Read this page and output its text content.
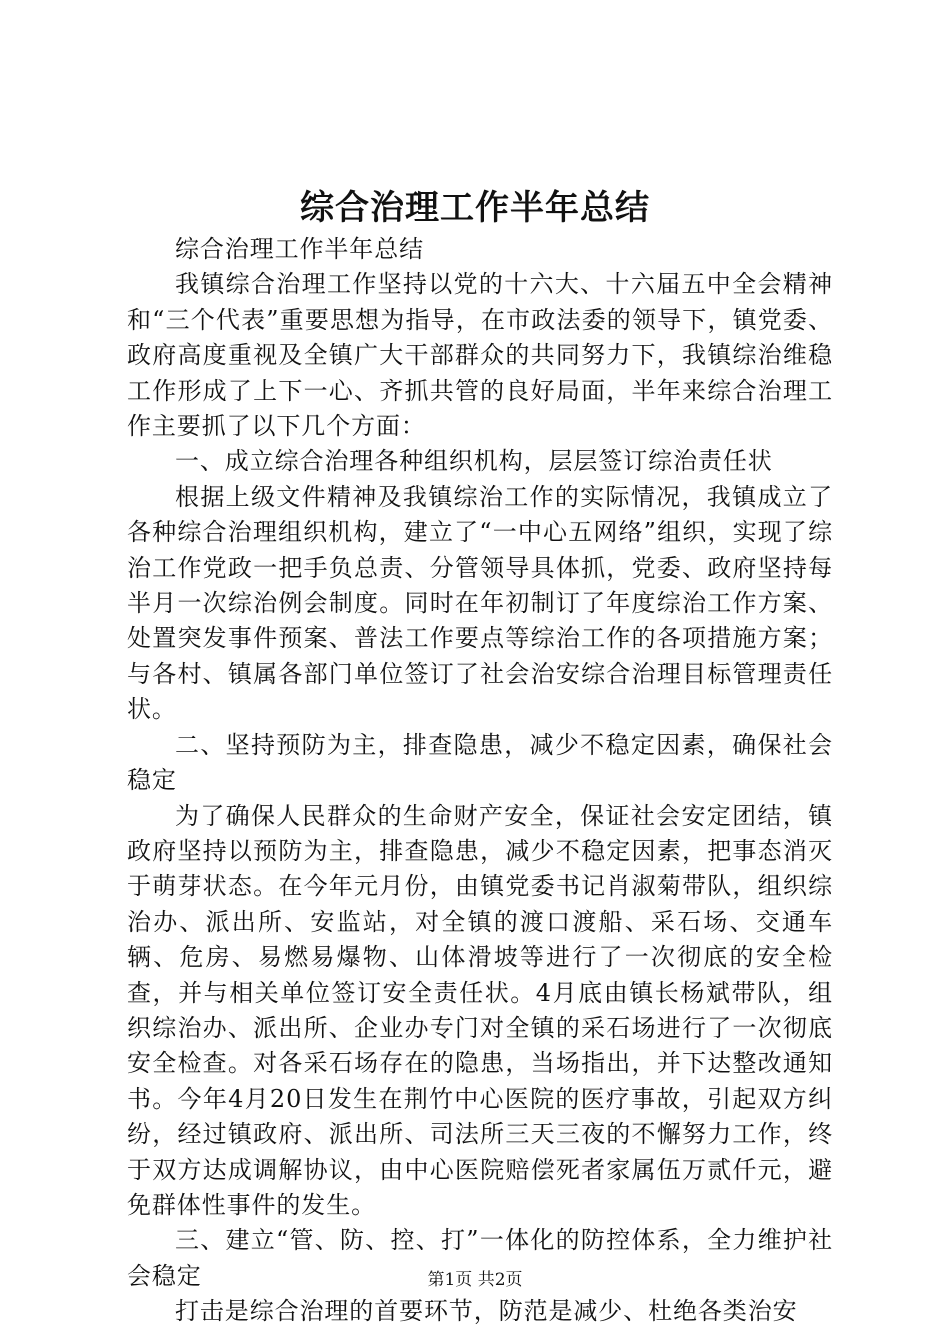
综合治理工作半年总结

综合治理工作半年总结

我镇综合治理工作坚持以党的十六大、十六届五中全会精神和“三个代表”重要思想为指导，在市政法委的领导下，镇党委、政府高度重视及全镇广大干部群众的共同努力下，我镇综治维稳工作形成了上下一心、齐抓共管的良好局面，半年来综合治理工作主要抓了以下几个方面：

一、成立综合治理各种组织机构，层层签订综治责任状

根据上级文件精神及我镇综治工作的实际情况，我镇成立了各种综合治理组织机构，建立了“一中心五网络”组织，实现了综治工作党政一把手负总责、分管领导具体抓，党委、政府坚持每半月一次综治例会制度。同时在年初制订了年度综治工作方案、处置突发事件预案、普法工作要点等综治工作的各项措施方案；与各村、镇属各部门单位签订了社会治安综合治理目标管理责任状。

二、坚持预防为主，排查隐患，减少不稳定因素，确保社会稳定

为了确保人民群众的生命财产安全，保证社会安定团结，镇政府坚持以预防为主，排查隐患，减少不稳定因素，把事态消灭于萌芽状态。在今年元月份，由镇党委书记肖淑菊带队，组织综治办、派出所、安监站，对全镇的渡口渡船、采石场、交通车辆、危房、易燃易爆物、山体滑坡等进行了一次彻底的安全检查，并与相关单位签订安全责任状。4月底由镇长杨斌带队，组织综治办、派出所、企业办专门对全镇的采石场进行了一次彻底安全检查。对各采石场存在的隐患，当场指出，并下达整改通知书。今年4月20日发生在荆竹中心医院的医疗事故，引起双方纠纷，经过镇政府、派出所、司法所三天三夜的不懈努力工作，终于双方达成调解协议，由中心医院赔偿死者家属伍万贰仟元，避免群体性事件的发生。

三、建立“管、防、控、打”一体化的防控体系，全力维护社会稳定

打击是综合治理的首要环节，防范是减少、杜绝各类治安

第1页 共2页
